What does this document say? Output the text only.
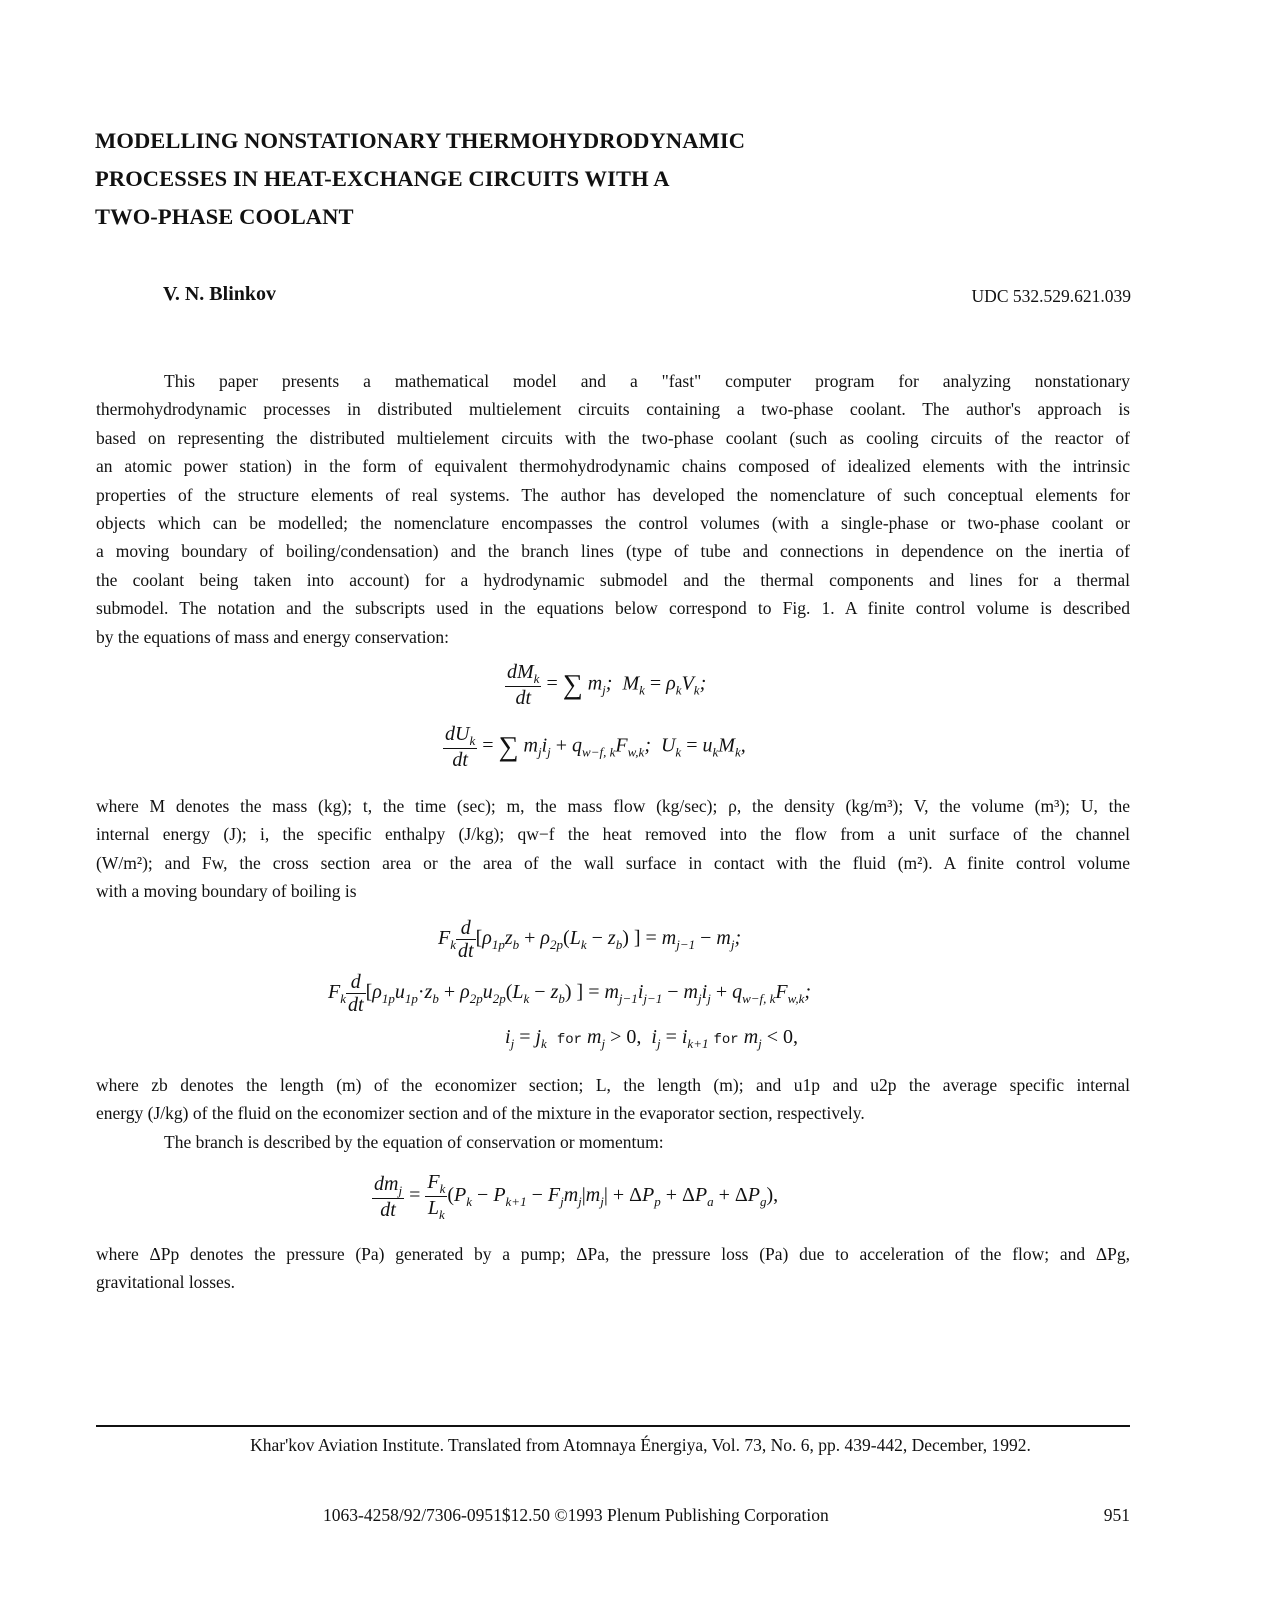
MODELLING NONSTATIONARY THERMOHYDRODYNAMIC
PROCESSES IN HEAT-EXCHANGE CIRCUITS WITH A
TWO-PHASE COOLANT
V. N. Blinkov	UDC 532.529.621.039
This paper presents a mathematical model and a "fast" computer program for analyzing nonstationary
thermohydrodynamic processes in distributed multielement circuits containing a two-phase coolant. The author's approach is
based on representing the distributed multielement circuits with the two-phase coolant (such as cooling circuits of the reactor of
an atomic power station) in the form of equivalent thermohydrodynamic chains composed of idealized elements with the intrinsic
properties of the structure elements of real systems. The author has developed the nomenclature of such conceptual elements for
objects which can be modelled; the nomenclature encompasses the control volumes (with a single-phase or two-phase coolant or
a moving boundary of boiling/condensation) and the branch lines (type of tube and connections in dependence on the inertia of
the coolant being taken into account) for a hydrodynamic submodel and the thermal components and lines for a thermal
submodel. The notation and the subscripts used in the equations below correspond to Fig. 1. A finite control volume is described
by the equations of mass and energy conservation:
$\frac{dM_k}{dt}$ = ∑ $m_j$;  $M_k = \rho_kV_k$;
$\frac{dU_k}{dt}$ = ∑ $m_ji_j + q_{w-f, k}F_{w,k}$;  $U_k = u_kM_k$,
where M denotes the mass (kg); t, the time (sec); m, the mass flow (kg/sec); ρ, the density (kg/m³); V, the volume (m³); U, the
internal energy (J); i, the specific enthalpy (J/kg); qw−f the heat removed into the flow from a unit surface of the channel
(W/m²); and Fw, the cross section area or the area of the wall surface in contact with the fluid (m²). A finite control volume
with a moving boundary of boiling is
$F_k \frac{d}{dt} [\rho_{1p}z_b + \rho_{2p}(L_k - z_b)$ ] = $m_{j-1} - m_j$;
$F_k \frac{d}{dt} [\rho_{1p}u_{1p}\cdot z_b + \rho_{2p}u_{2p}(L_k - z_b)$ ] = $m_{j-1}i_{j-1} - m_ji_j + q_{w-f, k}F_{w,k}$;
$i_j = j_k$ for $m_j > 0$,  $i_j = i_{k+1}$ for $m_j < 0$,
where zb denotes the length (m) of the economizer section; L, the length (m); and u1p and u2p the average specific internal
energy (J/kg) of the fluid on the economizer section and of the mixture in the evaporator section, respectively.
The branch is described by the equation of conservation or momentum:
$\frac{dm_j}{dt} = \frac{F_k}{L_k} (P_k - P_{k+1} - F_jm_j|m_j| + \Delta P_p + \Delta P_a + \Delta P_g)$,
where ΔPp denotes the pressure (Pa) generated by a pump; ΔPa, the pressure loss (Pa) due to acceleration of the flow; and ΔPg,
gravitational losses.
Khar'kov Aviation Institute. Translated from Atomnaya Énergiya, Vol. 73, No. 6, pp. 439-442, December, 1992.
1063-4258/92/7306-0951$12.50 ©1993 Plenum Publishing Corporation	951
